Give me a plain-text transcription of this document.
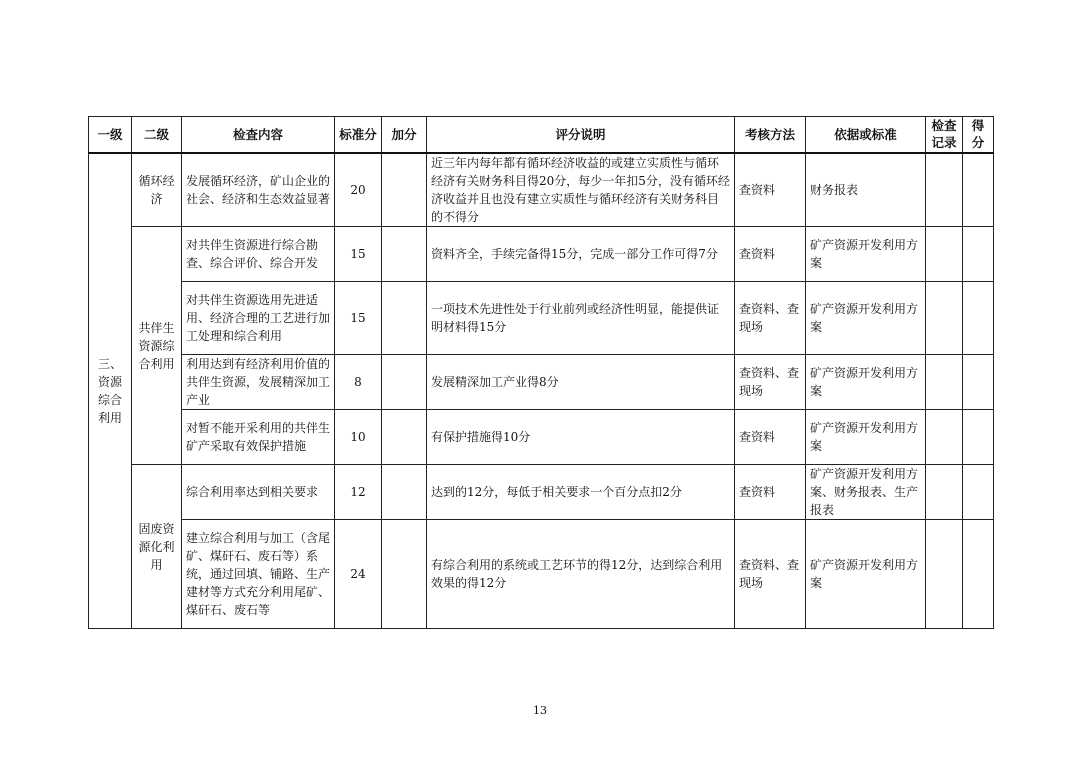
一级	二级	检查内容	标准分	加分	评分说明	考核方法	依据或标准	检查记录	得分
三、资源综合利用	循环经济	发展循环经济，矿山企业的社会、经济和生态效益显著	20		近三年内每年都有循环经济收益的或建立实质性与循环经济有关财务科目得20分，每少一年扣5分，没有循环经济收益并且也没有建立实质性与循环经济有关财务科目的不得分	查资料	财务报表		
	共伴生资源综合利用	对共伴生资源进行综合勘查、综合评价、综合开发	15		资料齐全，手续完备得15分，完成一部分工作可得7分	查资料	矿产资源开发利用方案		
		对共伴生资源选用先进适用、经济合理的工艺进行加工处理和综合利用	15		一项技术先进性处于行业前列或经济性明显，能提供证明材料得15分	查资料、查现场	矿产资源开发利用方案		
		利用达到有经济利用价值的共伴生资源，发展精深加工产业	8		发展精深加工产业得8分	查资料、查现场	矿产资源开发利用方案		
		对暂不能开采利用的共伴生矿产采取有效保护措施	10		有保护措施得10分	查资料	矿产资源开发利用方案		
	固废资源化利用	综合利用率达到相关要求	12		达到的12分，每低于相关要求一个百分点扣2分	查资料	矿产资源开发利用方案、财务报表、生产报表		
		建立综合利用与加工（含尾矿、煤矸石、废石等）系统，通过回填、铺路、生产建材等方式充分利用尾矿、煤矸石、废石等	24		有综合利用的系统或工艺环节的得12分，达到综合利用效果的得12分	查资料、查现场	矿产资源开发利用方案		
13
